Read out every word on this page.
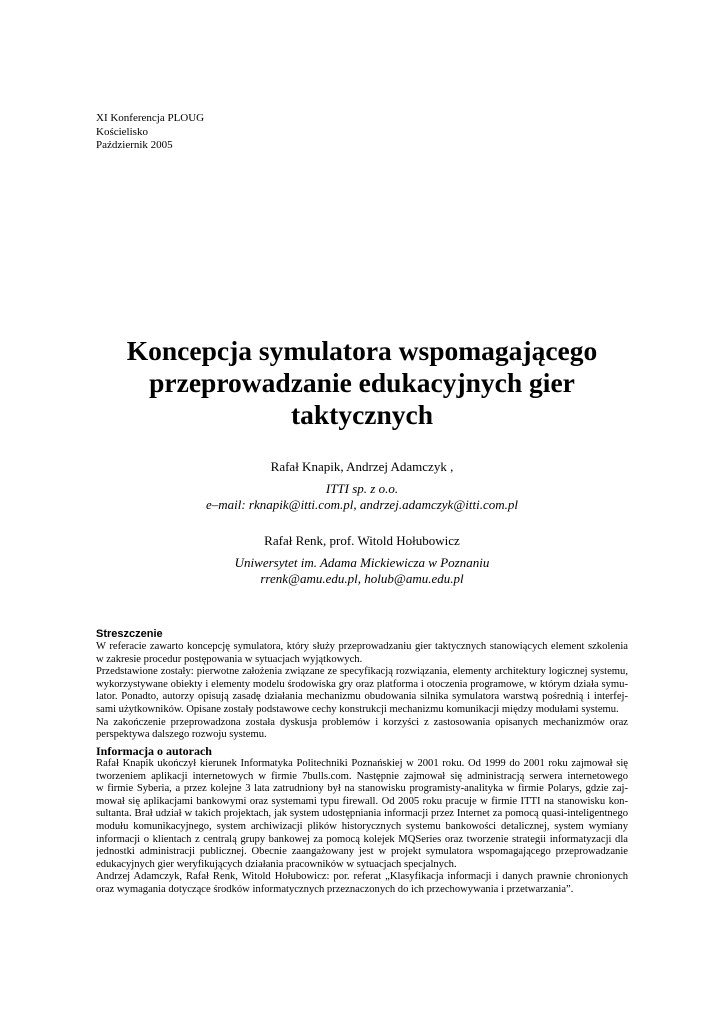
XI Konferencja PLOUG
Kościelisko
Październik 2005
Koncepcja symulatora wspomagającego
przeprowadzanie edukacyjnych gier
taktycznych
Rafał Knapik, Andrzej Adamczyk ,
ITTI sp. z o.o.
e–mail: rknapik@itti.com.pl, andrzej.adamczyk@itti.com.pl
Rafał Renk, prof. Witold Hołubowicz
Uniwersytet im. Adama Mickiewicza w Poznaniu
rrenk@amu.edu.pl, holub@amu.edu.pl
Streszczenie
W referacie zawarto koncepcję symulatora, który służy przeprowadzaniu gier taktycznych stanowiących element szkolenia
w zakresie procedur postępowania w sytuacjach wyjątkowych.
Przedstawione zostały: pierwotne założenia związane ze specyfikacją rozwiązania, elementy architektury logicznej systemu,
wykorzystywane obiekty i elementy modelu środowiska gry oraz platforma i otoczenia programowe, w którym działa symu-
lator. Ponadto, autorzy opisują zasadę działania mechanizmu obudowania silnika symulatora warstwą pośrednią i interfej-
sami użytkowników. Opisane zostały podstawowe cechy konstrukcji mechanizmu komunikacji między modułami systemu.
Na zakończenie przeprowadzona została dyskusja problemów i korzyści z zastosowania opisanych mechanizmów oraz
perspektywa dalszego rozwoju systemu.
Informacja o autorach
Rafał Knapik ukończył kierunek Informatyka Politechniki Poznańskiej w 2001 roku. Od 1999 do 2001 roku zajmował się
tworzeniem aplikacji internetowych w firmie 7bulls.com. Następnie zajmował się administracją serwera internetowego
w firmie Syberia, a przez kolejne 3 lata zatrudniony był na stanowisku programisty-analityka w firmie Polarys, gdzie zaj-
mował się aplikacjami bankowymi oraz systemami typu firewall. Od 2005 roku pracuje w firmie ITTI na stanowisku kon-
sultanta. Brał udział w takich projektach, jak system udostępniania informacji przez Internet za pomocą quasi-inteligentnego
modułu komunikacyjnego, system archiwizacji plików historycznych systemu bankowości detalicznej, system wymiany
informacji o klientach z centralą grupy bankowej za pomocą kolejek MQSeries oraz tworzenie strategii informatyzacji dla
jednostki administracji publicznej. Obecnie zaangażowany jest w projekt symulatora wspomagającego przeprowadzanie
edukacyjnych gier weryfikujących działania pracowników w sytuacjach specjalnych.
Andrzej Adamczyk, Rafał Renk, Witold Hołubowicz: por. referat „Klasyfikacja informacji i danych prawnie chronionych
oraz wymagania dotyczące środków informatycznych przeznaczonych do ich przechowywania i przetwarzania”.
